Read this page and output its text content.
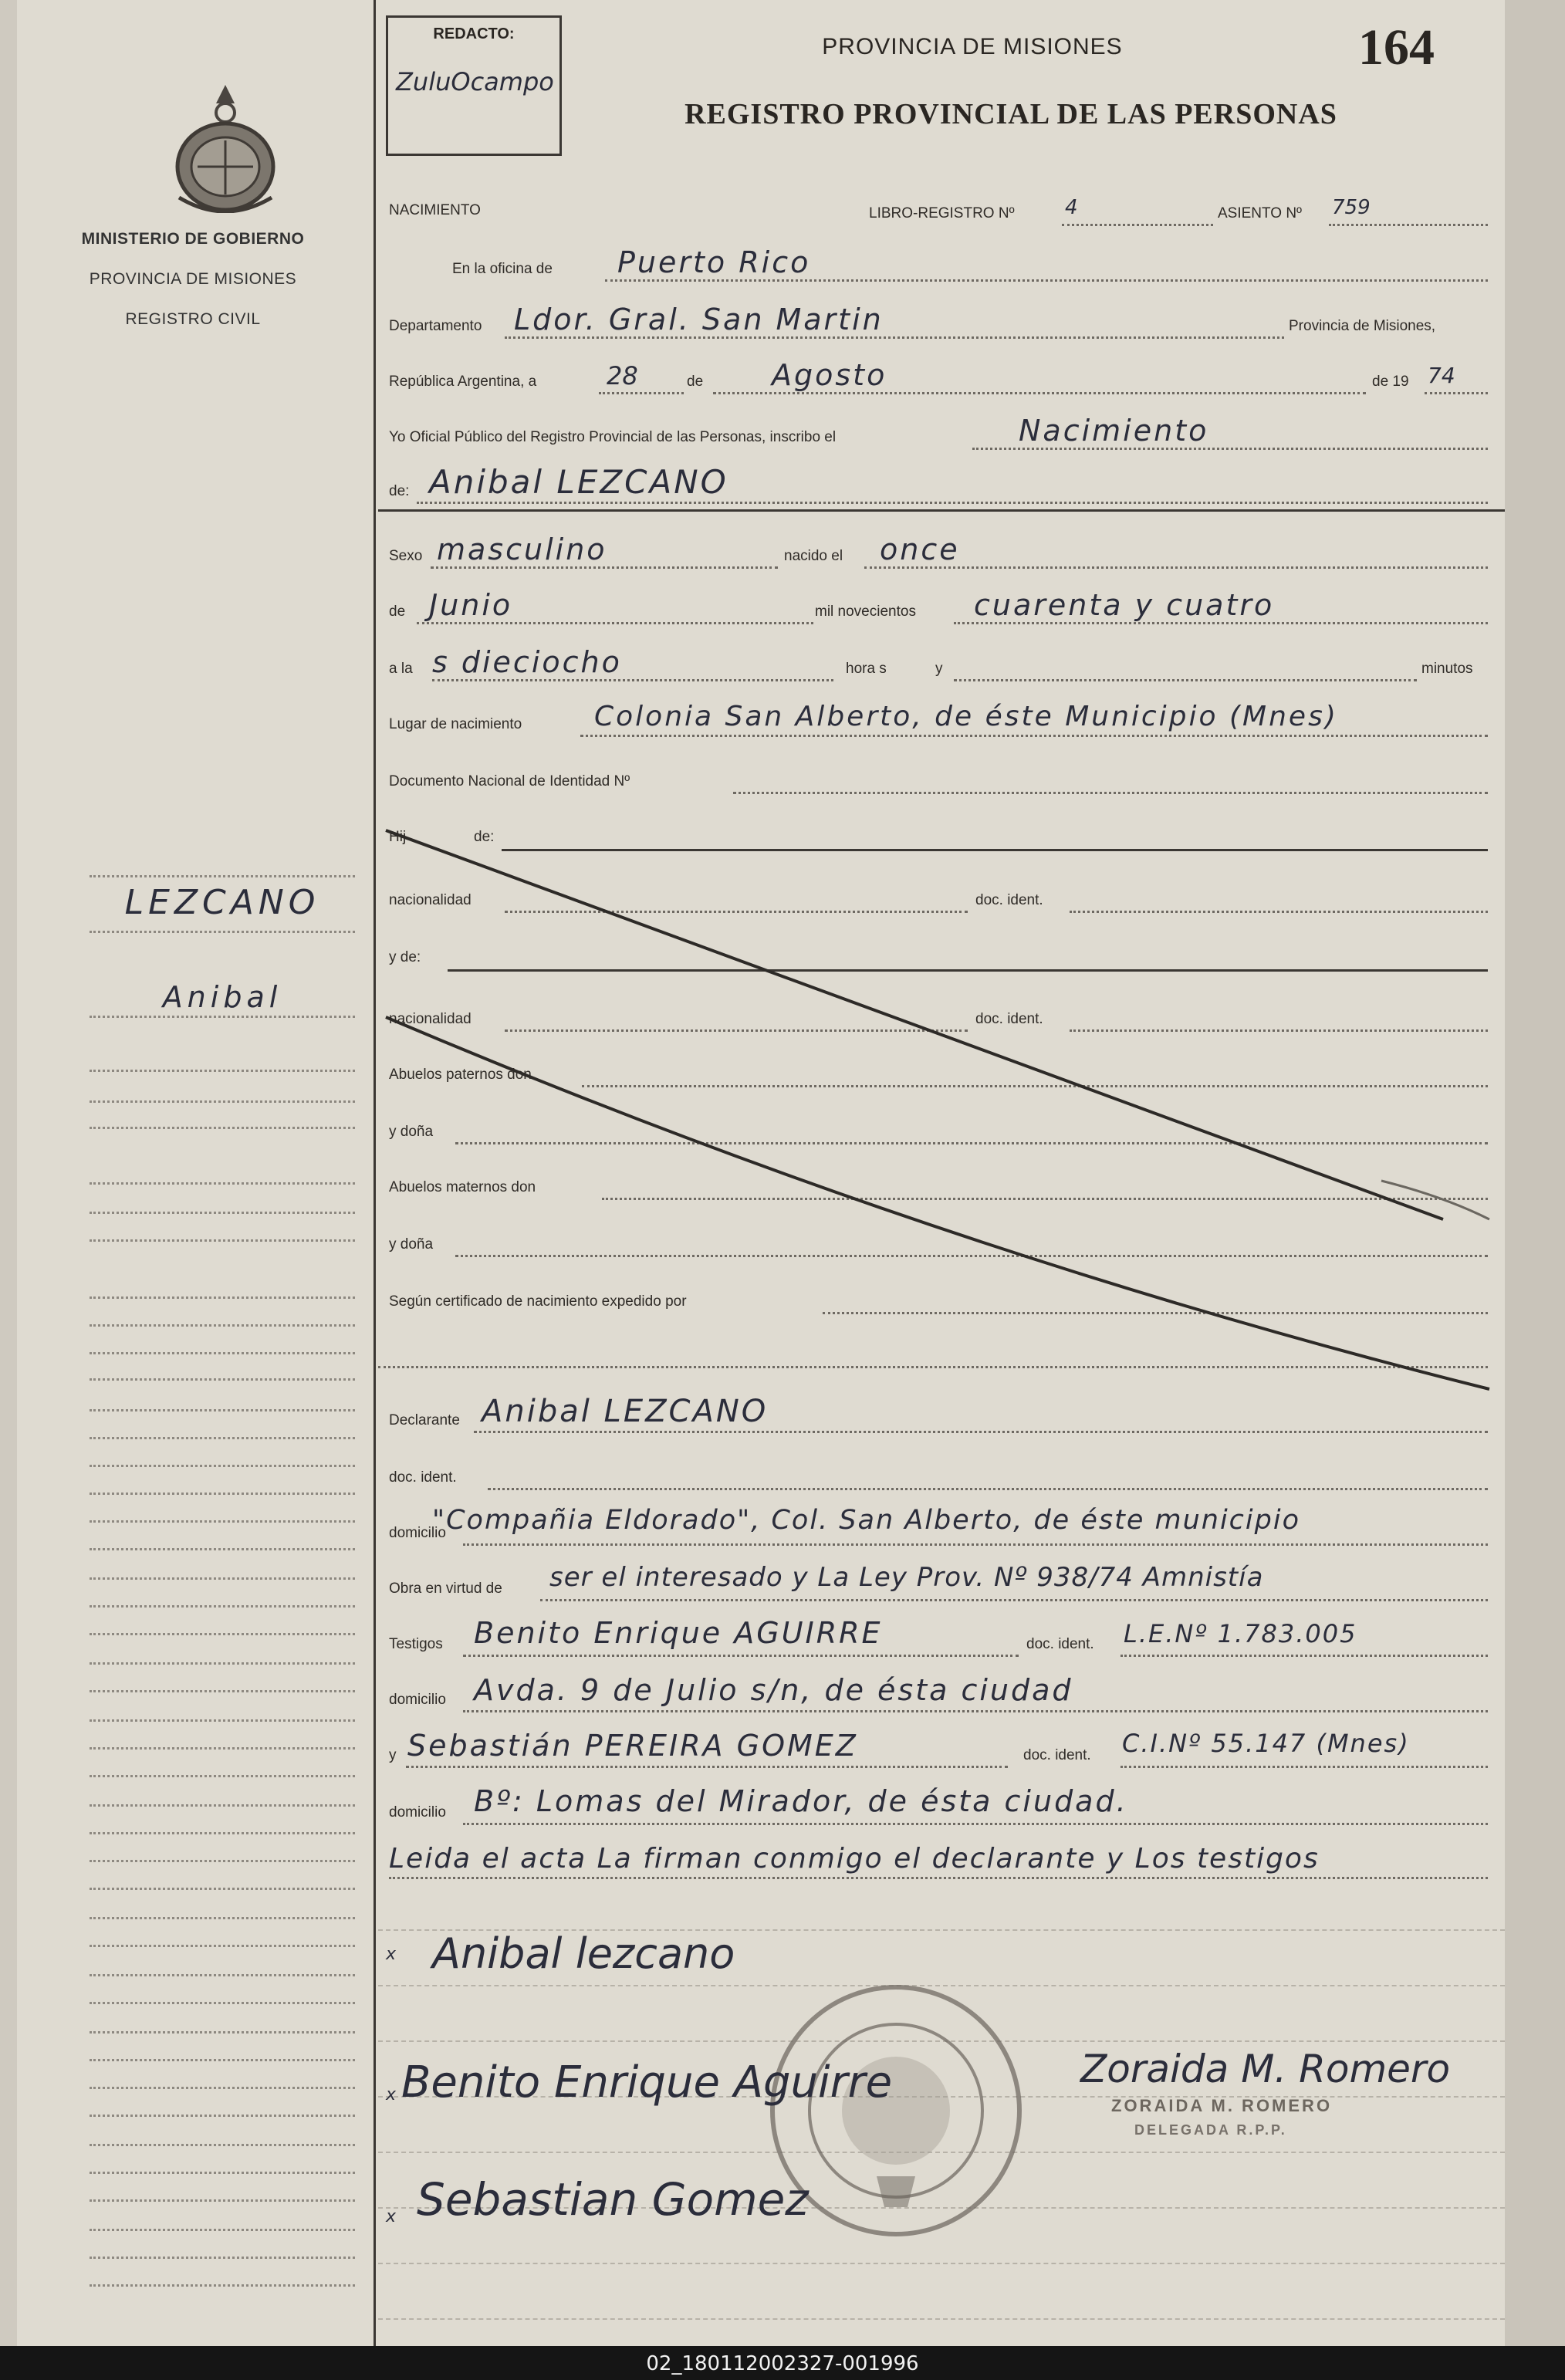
MINISTERIO DE GOBIERNO
PROVINCIA DE MISIONES
REGISTRO CIVIL
LEZCANO
Anibal
REDACTO:
ZuluOcampo
PROVINCIA DE MISIONES	164
REGISTRO PROVINCIAL DE LAS PERSONAS
NACIMIENTO	LIBRO-REGISTRO Nº	4	ASIENTO Nº 759
En la oficina de Puerto Rico
Departamento Ldor. Gral. San Martin	Provincia de Misiones,
República Argentina, a	28	de Agosto	de 19 74
Yo Oficial Público del Registro Provincial de las Personas, inscribo el	Nacimiento
de: Anibal LEZCANO
Sexo masculino	nacido el once
de Junio	mil novecientos cuarenta y cuatro
a la s dieciocho	hora s	y	minutos
Lugar de nacimiento	Colonia San Alberto, de éste Municipio (Mnes)
Documento Nacional de Identidad Nº
Hij	de:
nacionalidad	doc. ident.
y de:
nacionalidad	doc. ident.
Abuelos paternos don
y doña
Abuelos maternos don
y doña
Según certificado de nacimiento expedido por
Declarante Anibal LEZCANO
doc. ident.
domicilio
"Compañia Eldorado", Col. San Alberto, de éste municipio
Obra en virtud de ser el interesado y La Ley Prov. Nº 938/74 Amnistía
Testigos Benito Enrique AGUIRRE	doc. ident. L.E.Nº 1.783.005
domicilio Avda. 9 de Julio s/n, de ésta ciudad
y Sebastián PEREIRA GOMEZ	doc. ident. C.I.Nº 55.147 (Mnes)
domicilio Bº: Lomas del Mirador, de ésta ciudad.
Leida el acta La firman conmigo el declarante y Los testigos
x Anibal lezcano
x Benito Enrique Aguirre	Zoraida M. Romero
ZORAIDA M. ROMERO
DELEGADA R.P.P.
x Sebastian Gomez
02_180112002327-001996
